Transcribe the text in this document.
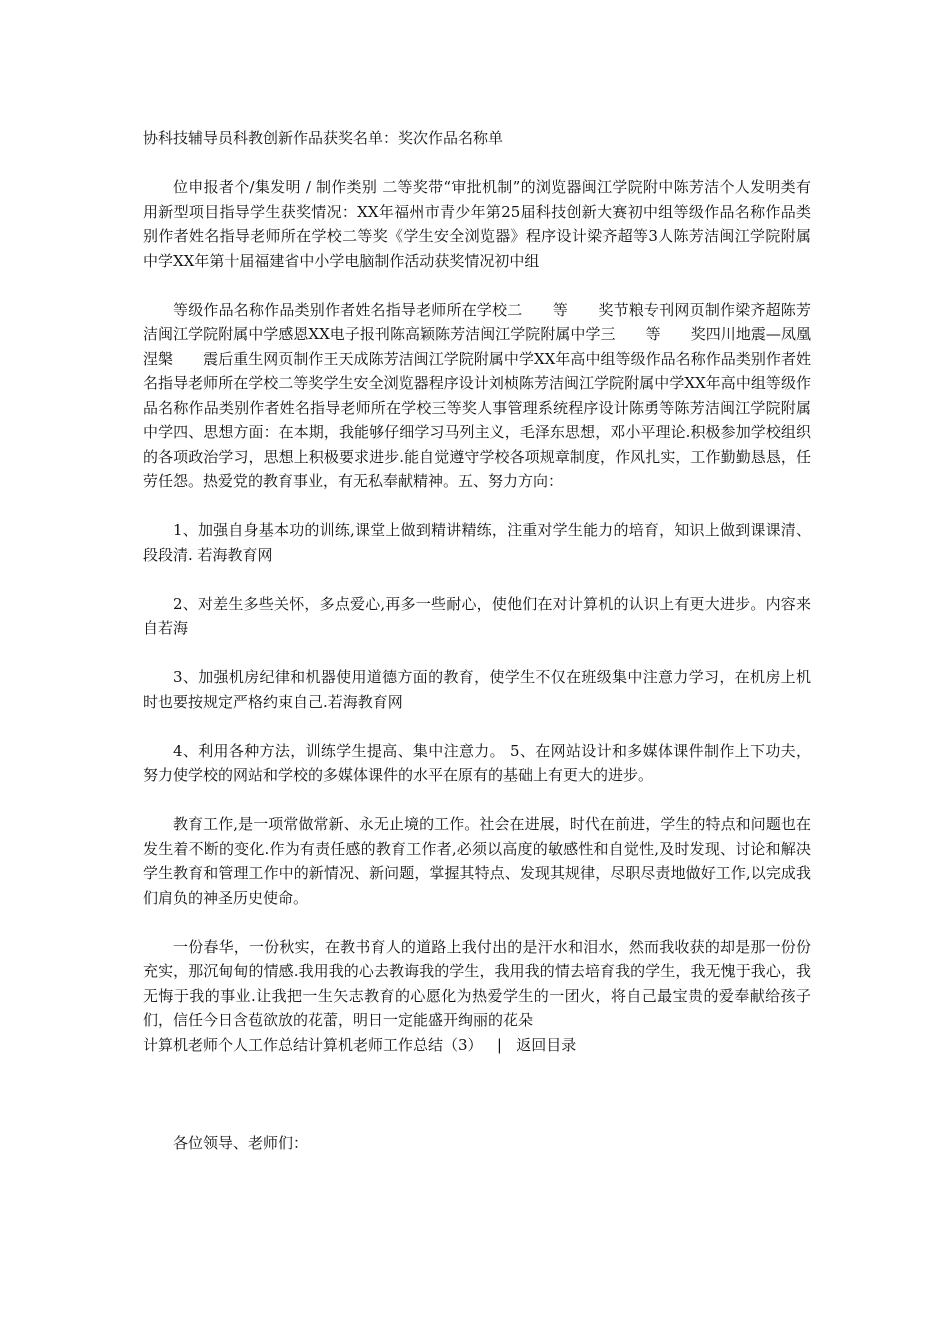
协科技辅导员科教创新作品获奖名单：奖次作品名称单

位申报者个/集发明 / 制作类别 二等奖带“审批机制”的浏览器闽江学院附中陈芳洁个人发明类有用新型项目指导学生获奖情况：XX年福州市青少年第25届科技创新大赛初中组等级作品名称作品类别作者姓名指导老师所在学校二等奖《学生安全浏览器》程序设计梁齐超等3人陈芳洁闽江学院附属中学XX年第十届福建省中小学电脑制作活动获奖情况初中组

等级作品名称作品类别作者姓名指导老师所在学校二　　等　　奖节粮专刊网页制作梁齐超陈芳洁闽江学院附属中学感恩XX电子报刊陈高颖陈芳洁闽江学院附属中学三　　等　　奖四川地震—凤凰涅槃　　震后重生网页制作王天成陈芳洁闽江学院附属中学XX年高中组等级作品名称作品类别作者姓名指导老师所在学校二等奖学生安全浏览器程序设计刘桢陈芳洁闽江学院附属中学XX年高中组等级作品名称作品类别作者姓名指导老师所在学校三等奖人事管理系统程序设计陈勇等陈芳洁闽江学院附属中学四、思想方面：在本期，我能够仔细学习马列主义，毛泽东思想，邓小平理论.积极参加学校组织的各项政治学习，思想上积极要求进步.能自觉遵守学校各项规章制度，作风扎实，工作勤勤恳恳，任劳任怨。热爱党的教育事业，有无私奉献精神。五、努力方向：

1、加强自身基本功的训练,课堂上做到精讲精练，注重对学生能力的培育，知识上做到课课清、段段清. 若海教育网

2、对差生多些关怀，多点爱心,再多一些耐心，使他们在对计算机的认识上有更大进步。内容来自若海

3、加强机房纪律和机器使用道德方面的教育，使学生不仅在班级集中注意力学习，在机房上机时也要按规定严格约束自己.若海教育网

4、利用各种方法，训练学生提高、集中注意力。 5、在网站设计和多媒体课件制作上下功夫，努力使学校的网站和学校的多媒体课件的水平在原有的基础上有更大的进步。

教育工作,是一项常做常新、永无止境的工作。社会在进展，时代在前进，学生的特点和问题也在发生着不断的变化.作为有责任感的教育工作者,必须以高度的敏感性和自觉性,及时发现、讨论和解决学生教育和管理工作中的新情况、新问题，掌握其特点、发现其规律，尽职尽责地做好工作,以完成我们肩负的神圣历史使命。

一份春华，一份秋实，在教书育人的道路上我付出的是汗水和泪水，然而我收获的却是那一份份充实，那沉甸甸的情感.我用我的心去教诲我的学生，我用我的情去培育我的学生，我无愧于我心，我无悔于我的事业.让我把一生矢志教育的心愿化为热爱学生的一团火，将自己最宝贵的爱奉献给孩子们，信任今日含苞欲放的花蕾，明日一定能盛开绚丽的花朵

计算机老师个人工作总结计算机老师工作总结（3） | 返回目录

各位领导、老师们：
